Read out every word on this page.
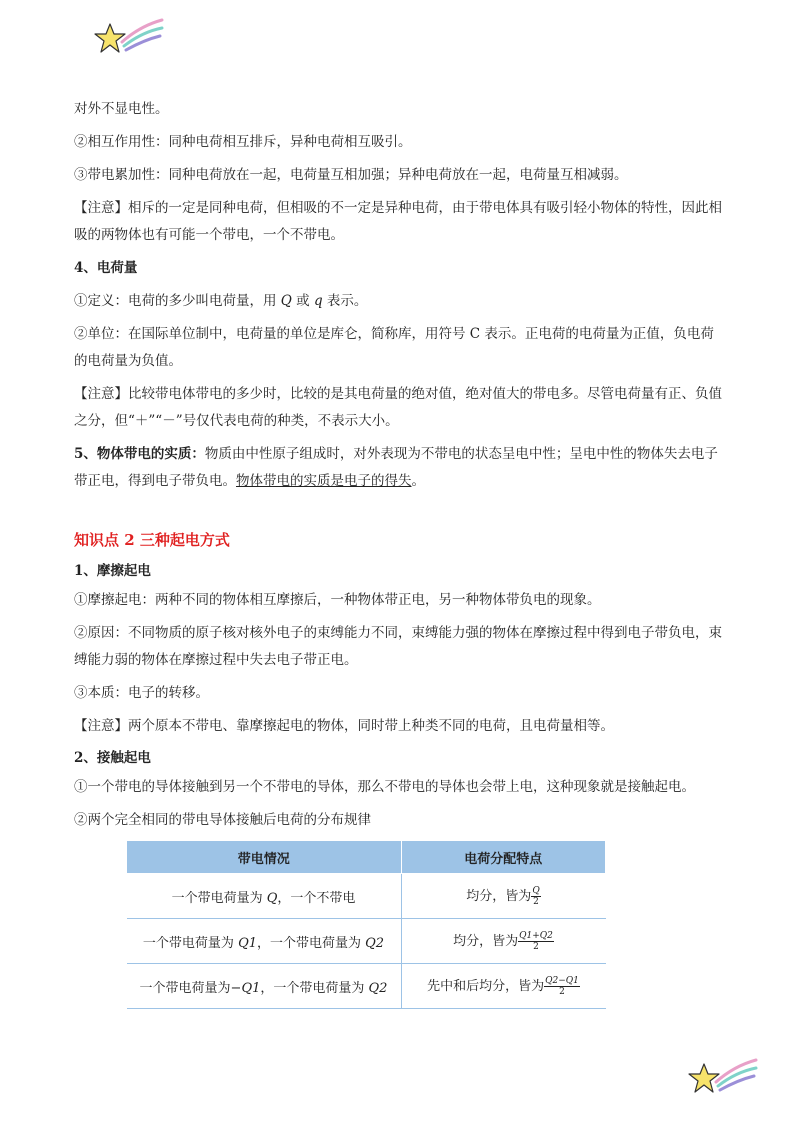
对外不显电性。

②相互作用性：同种电荷相互排斥，异种电荷相互吸引。

③带电累加性：同种电荷放在一起，电荷量互相加强；异种电荷放在一起，电荷量互相减弱。

【注意】相斥的一定是同种电荷，但相吸的不一定是异种电荷，由于带电体具有吸引轻小物体的特性，因此相吸的两物体也有可能一个带电，一个不带电。

4、电荷量

①定义：电荷的多少叫电荷量，用 Q 或 q 表示。

②单位：在国际单位制中，电荷量的单位是库仑，简称库，用符号 C 表示。正电荷的电荷量为正值，负电荷的电荷量为负值。

【注意】比较带电体带电的多少时，比较的是其电荷量的绝对值，绝对值大的带电多。尽管电荷量有正、负值之分，但“＋”“－”号仅代表电荷的种类，不表示大小。

5、物体带电的实质：物质由中性原子组成时，对外表现为不带电的状态呈电中性；呈电中性的物体失去电子带正电，得到电子带负电。物体带电的实质是电子的得失。

知识点 2 三种起电方式
1、摩擦起电

①摩擦起电：两种不同的物体相互摩擦后，一种物体带正电，另一种物体带负电的现象。

②原因：不同物质的原子核对核外电子的束缚能力不同，束缚能力强的物体在摩擦过程中得到电子带负电，束缚能力弱的物体在摩擦过程中失去电子带正电。

③本质：电子的转移。

【注意】两个原本不带电、靠摩擦起电的物体，同时带上种类不同的电荷，且电荷量相等。

2、接触起电

①一个带电的导体接触到另一个不带电的导体，那么不带电的导体也会带上电，这种现象就是接触起电。

②两个完全相同的带电导体接触后电荷的分布规律

带电情况	电荷分配特点
一个带电荷量为 Q，一个不带电	均分，皆为 $\frac{Q}{2}$

一个带电荷量为 Q1，一个带电荷量为 Q2	均分，皆为 $\frac{Q1+Q2}{2}$

一个带电荷量为−Q1，一个带电荷量为 Q2	先中和后均分，皆为 $\frac{Q2-Q1}{2}$
